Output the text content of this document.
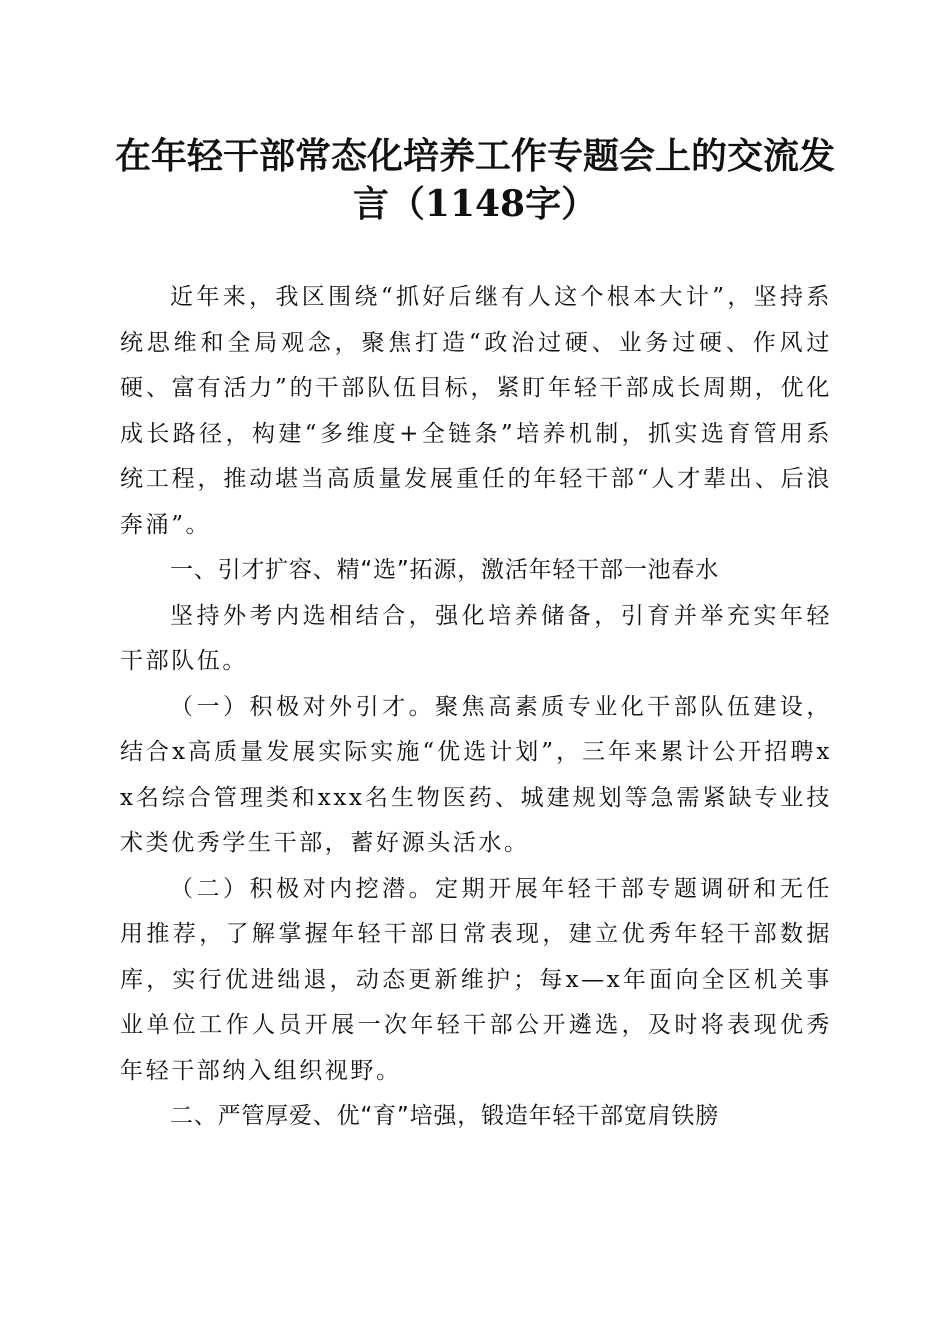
在年轻干部常态化培养工作专题会上的交流发言（1148字）

近年来，我区围绕“抓好后继有人这个根本大计”，坚持系统思维和全局观念，聚焦打造“政治过硬、业务过硬、作风过硬、富有活力”的干部队伍目标，紧盯年轻干部成长周期，优化成长路径，构建“多维度+全链条”培养机制，抓实选育管用系统工程，推动堪当高质量发展重任的年轻干部“人才辈出、后浪奔涌”。

一、引才扩容、精“选”拓源，激活年轻干部一池春水

坚持外考内选相结合，强化培养储备，引育并举充实年轻干部队伍。

（一）积极对外引才。聚焦高素质专业化干部队伍建设，结合x高质量发展实际实施“优选计划”，三年来累计公开招聘xx名综合管理类和xxx名生物医药、城建规划等急需紧缺专业技术类优秀学生干部，蓄好源头活水。

（二）积极对内挖潜。定期开展年轻干部专题调研和无任用推荐，了解掌握年轻干部日常表现，建立优秀年轻干部数据库，实行优进绌退，动态更新维护；每x—x年面向全区机关事业单位工作人员开展一次年轻干部公开遴选，及时将表现优秀年轻干部纳入组织视野。

二、严管厚爱、优“育”培强，锻造年轻干部宽肩铁膀
